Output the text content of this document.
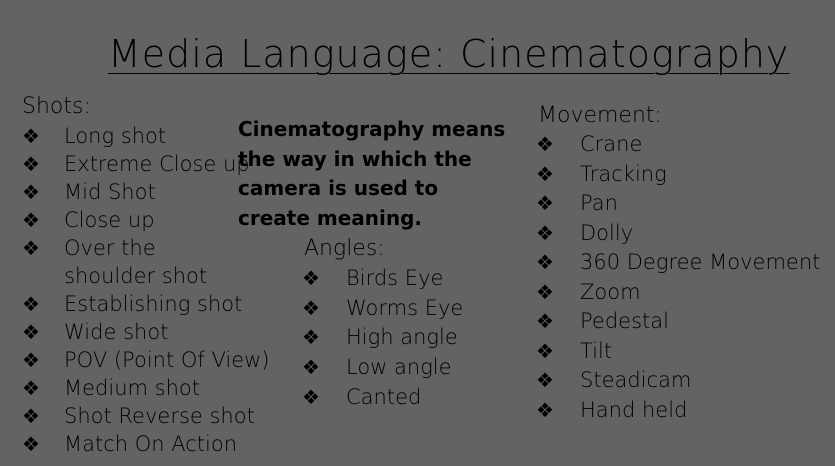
Media Language: Cinematography
Shots:
❖	Long shot
❖	Extreme Close up
❖	Mid Shot
❖	Close up
❖	Over the shoulder shot
❖	Establishing shot
❖	Wide shot
❖	POV (Point Of View)
❖	Medium shot
❖	Shot Reverse shot
❖	Match On Action
Cinematography means the way in which the camera is used to create meaning.
Angles:
❖	Birds Eye
❖	Worms Eye
❖	High angle
❖	Low angle
❖	Canted
Movement:
❖	Crane
❖	Tracking
❖	Pan
❖	Dolly
❖	360 Degree Movement
❖	Zoom
❖	Pedestal
❖	Tilt
❖	Steadicam
❖	Hand held
